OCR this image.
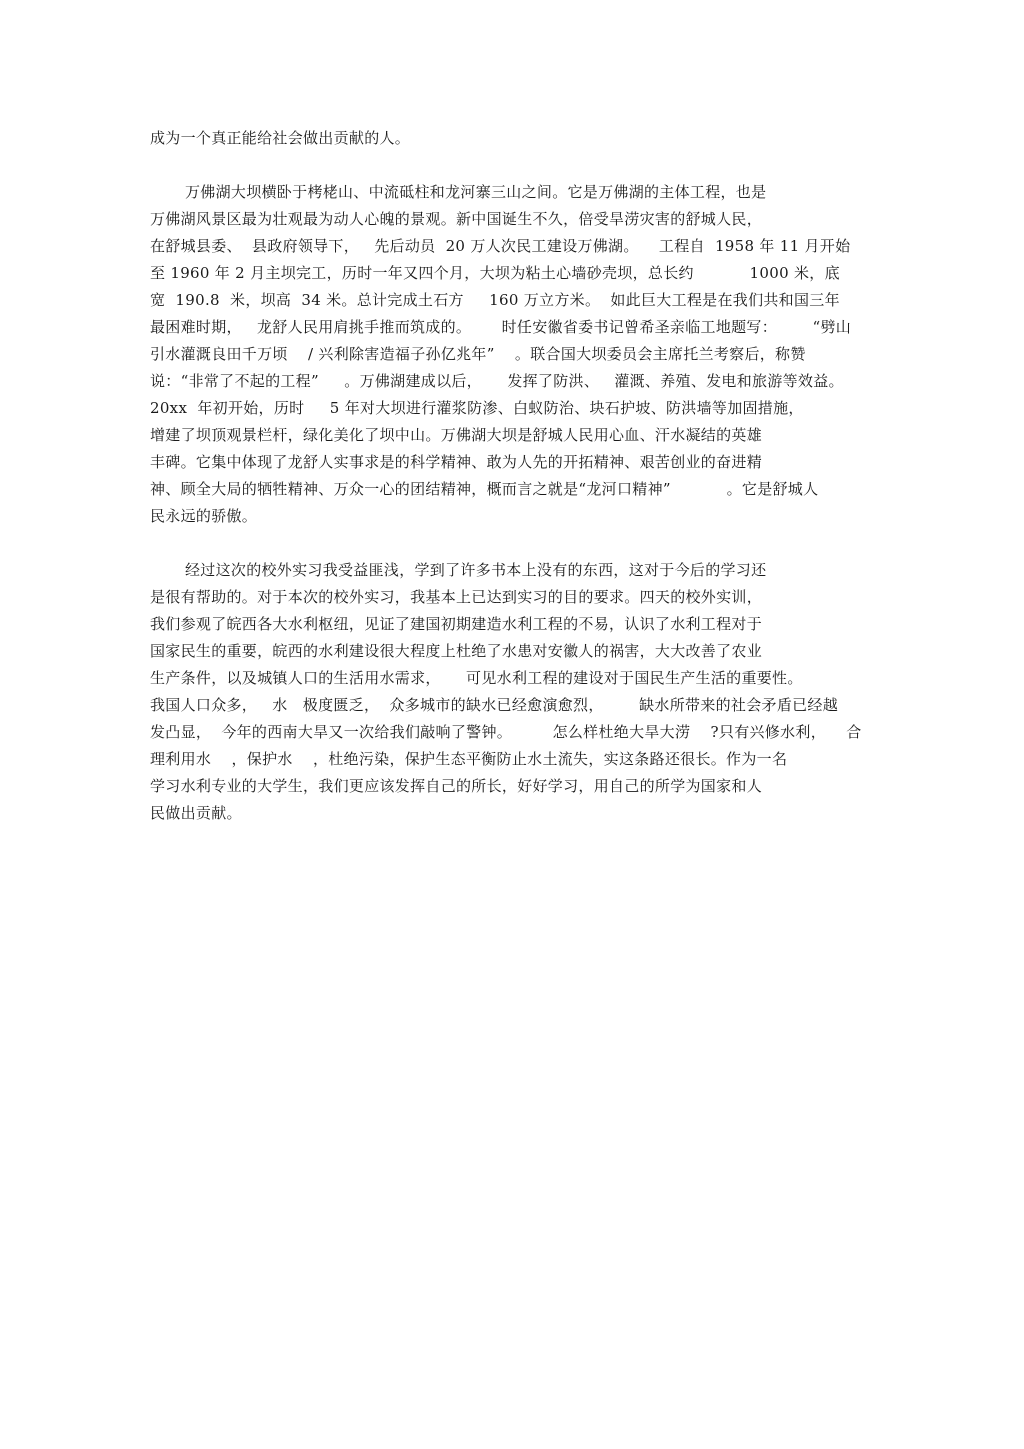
成为一个真正能给社会做出贡献的人。
万佛湖大坝横卧于栲栳山、中流砥柱和龙河寨三山之间。它是万佛湖的主体工程，也是
万佛湖风景区最为壮观最为动人心魄的景观。新中国诞生不久，倍受旱涝灾害的舒城人民，
在舒城县委、  县政府领导下，   先后动员  20 万人次民工建设万佛湖。    工程自  1958 年 11 月开始
至 1960 年 2 月主坝完工，历时一年又四个月，大坝为粘土心墙砂壳坝，总长约           1000 米，底
宽  190.8  米，坝高  34 米。总计完成土石方     160 万立方米。  如此巨大工程是在我们共和国三年
最困难时期，   龙舒人民用肩挑手推而筑成的。      时任安徽省委书记曾希圣亲临工地题写：       “劈山
引水灌溉良田千万顷    / 兴利除害造福子孙亿兆年”    。联合国大坝委员会主席托兰考察后，称赞
说：“非常了不起的工程”     。万佛湖建成以后，     发挥了防洪、   灌溉、养殖、发电和旅游等效益。
20xx  年初开始，历时     5 年对大坝进行灌浆防渗、白蚁防治、块石护坡、防洪墙等加固措施，
增建了坝顶观景栏杆，绿化美化了坝中山。万佛湖大坝是舒城人民用心血、汗水凝结的英雄
丰碑。它集中体现了龙舒人实事求是的科学精神、敢为人先的开拓精神、艰苦创业的奋进精
神、顾全大局的牺牲精神、万众一心的团结精神，概而言之就是“龙河口精神”           。它是舒城人
民永远的骄傲。
经过这次的校外实习我受益匪浅，学到了许多书本上没有的东西，这对于今后的学习还
是很有帮助的。对于本次的校外实习，我基本上已达到实习的目的要求。四天的校外实训，
我们参观了皖西各大水利枢纽，见证了建国初期建造水利工程的不易，认识了水利工程对于
国家民生的重要，皖西的水利建设很大程度上杜绝了水患对安徽人的祸害，大大改善了农业
生产条件，以及城镇人口的生活用水需求，     可见水利工程的建设对于国民生产生活的重要性。
我国人口众多，   水   极度匮乏，  众多城市的缺水已经愈演愈烈，       缺水所带来的社会矛盾已经越
发凸显，  今年的西南大旱又一次给我们敲响了警钟。        怎么样杜绝大旱大涝    ?只有兴修水利，    合
理利用水    ，保护水    ，杜绝污染，保护生态平衡防止水土流失，实这条路还很长。作为一名
学习水利专业的大学生，我们更应该发挥自己的所长，好好学习，用自己的所学为国家和人
民做出贡献。
